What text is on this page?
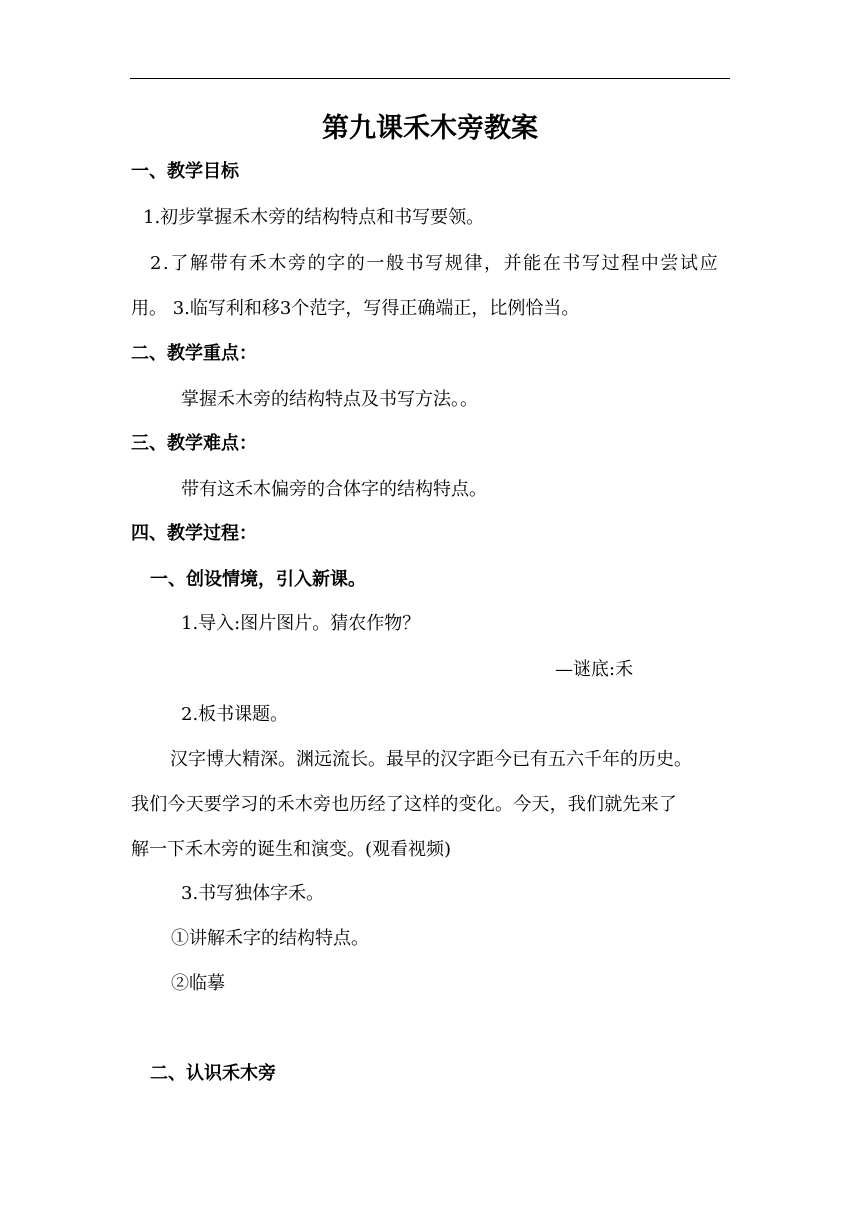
第九课禾木旁教案
一、教学目标
1.初步掌握禾木旁的结构特点和书写要领。
2.了解带有禾木旁的字的一般书写规律，并能在书写过程中尝试应
用。 3.临写利和移3个范字，写得正确端正，比例恰当。
二、教学重点：
掌握禾木旁的结构特点及书写方法。。
三、教学难点：
带有这禾木偏旁的合体字的结构特点。
四、教学过程：
一、创设情境，引入新课。
1.导入:图片图片。猜农作物？
—谜底:禾
2.板书课题。
汉字博大精深。渊远流长。最早的汉字距今已有五六千年的历史。
我们今天要学习的禾木旁也历经了这样的变化。今天，我们就先来了
解一下禾木旁的诞生和演变。(观看视频)
3.书写独体字禾。
①讲解禾字的结构特点。
②临摹
二、认识禾木旁
